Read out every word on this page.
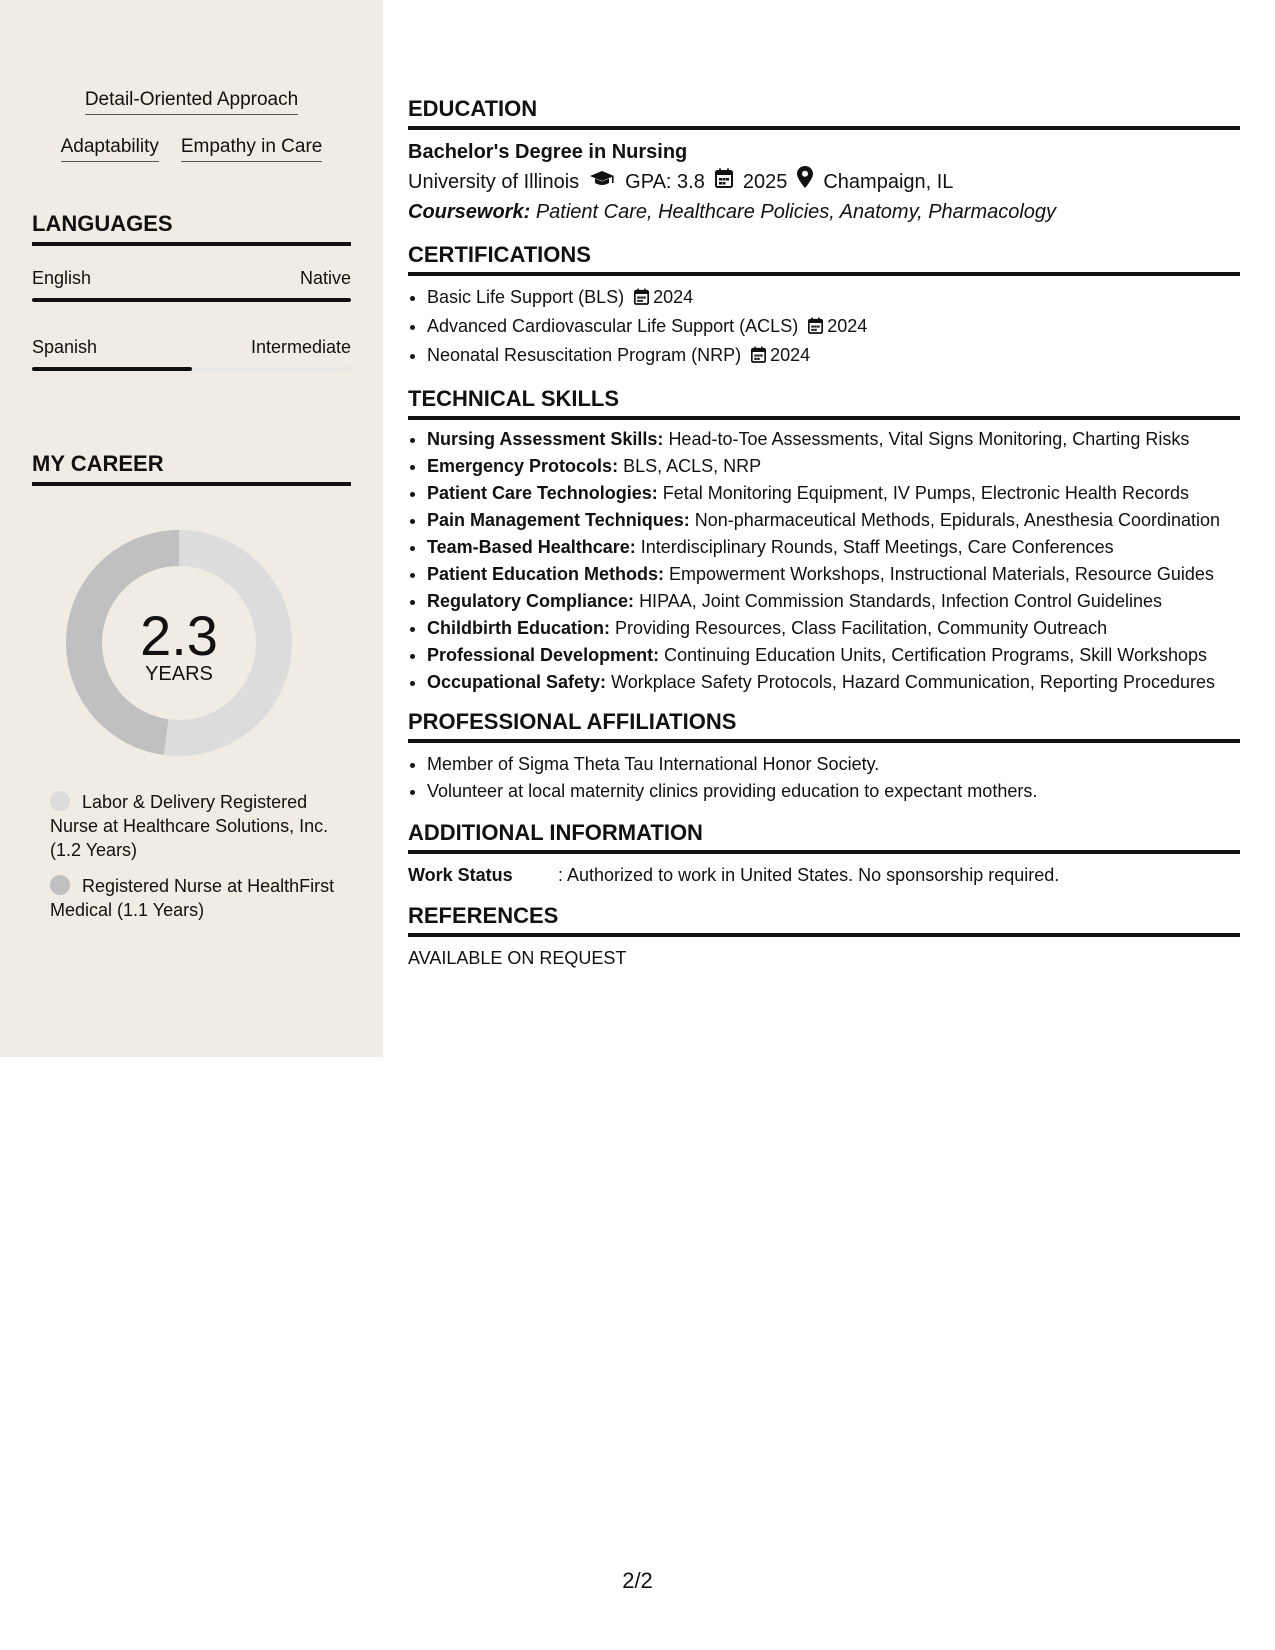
Detail-Oriented Approach
Adaptability Empathy in Care
LANGUAGES
English	Native
Spanish	Intermediate
MY CAREER
2.3
YEARS
Labor & Delivery Registered Nurse at Healthcare Solutions, Inc. (1.2 Years)
Registered Nurse at HealthFirst Medical (1.1 Years)
EDUCATION
Bachelor's Degree in Nursing
University of Illinois GPA: 3.8 2025 Champaign, IL
Coursework: Patient Care, Healthcare Policies, Anatomy, Pharmacology
CERTIFICATIONS
• Basic Life Support (BLS) 2024
• Advanced Cardiovascular Life Support (ACLS) 2024
• Neonatal Resuscitation Program (NRP) 2024
TECHNICAL SKILLS
• Nursing Assessment Skills: Head-to-Toe Assessments, Vital Signs Monitoring, Charting Risks
• Emergency Protocols: BLS, ACLS, NRP
• Patient Care Technologies: Fetal Monitoring Equipment, IV Pumps, Electronic Health Records
• Pain Management Techniques: Non-pharmaceutical Methods, Epidurals, Anesthesia Coordination
• Team-Based Healthcare: Interdisciplinary Rounds, Staff Meetings, Care Conferences
• Patient Education Methods: Empowerment Workshops, Instructional Materials, Resource Guides
• Regulatory Compliance: HIPAA, Joint Commission Standards, Infection Control Guidelines
• Childbirth Education: Providing Resources, Class Facilitation, Community Outreach
• Professional Development: Continuing Education Units, Certification Programs, Skill Workshops
• Occupational Safety: Workplace Safety Protocols, Hazard Communication, Reporting Procedures
PROFESSIONAL AFFILIATIONS
• Member of Sigma Theta Tau International Honor Society.
• Volunteer at local maternity clinics providing education to expectant mothers.
ADDITIONAL INFORMATION
Work Status	: Authorized to work in United States. No sponsorship required.
REFERENCES
AVAILABLE ON REQUEST
2/2
